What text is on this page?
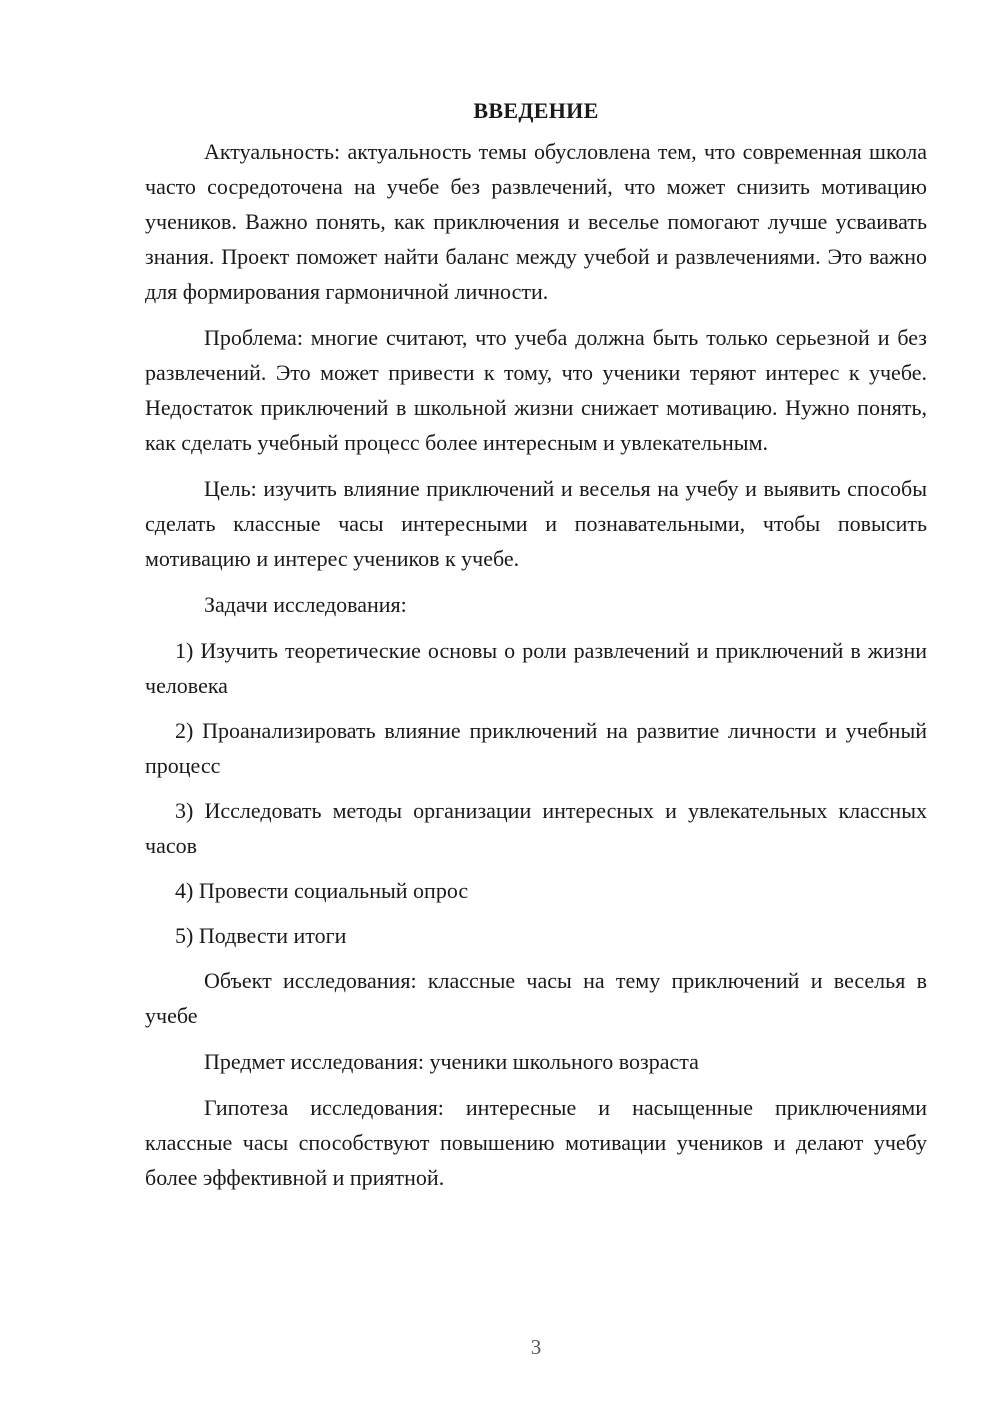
ВВЕДЕНИЕ

Актуальность: актуальность темы обусловлена тем, что современная школа часто сосредоточена на учебе без развлечений, что может снизить мотивацию учеников. Важно понять, как приключения и веселье помогают лучше усваивать знания. Проект поможет найти баланс между учебой и развлечениями. Это важно для формирования гармоничной личности.

Проблема: многие считают, что учеба должна быть только серьезной и без развлечений. Это может привести к тому, что ученики теряют интерес к учебе. Недостаток приключений в школьной жизни снижает мотивацию. Нужно понять, как сделать учебный процесс более интересным и увлекательным.

Цель: изучить влияние приключений и веселья на учебу и выявить способы сделать классные часы интересными и познавательными, чтобы повысить мотивацию и интерес учеников к учебе.

Задачи исследования:

1) Изучить теоретические основы о роли развлечений и приключений в жизни человека

2) Проанализировать влияние приключений на развитие личности и учебный процесс

3) Исследовать методы организации интересных и увлекательных классных часов

4) Провести социальный опрос

5) Подвести итоги

Объект исследования: классные часы на тему приключений и веселья в учебе

Предмет исследования: ученики школьного возраста

Гипотеза исследования: интересные и насыщенные приключениями классные часы способствуют повышению мотивации учеников и делают учебу более эффективной и приятной.

3
